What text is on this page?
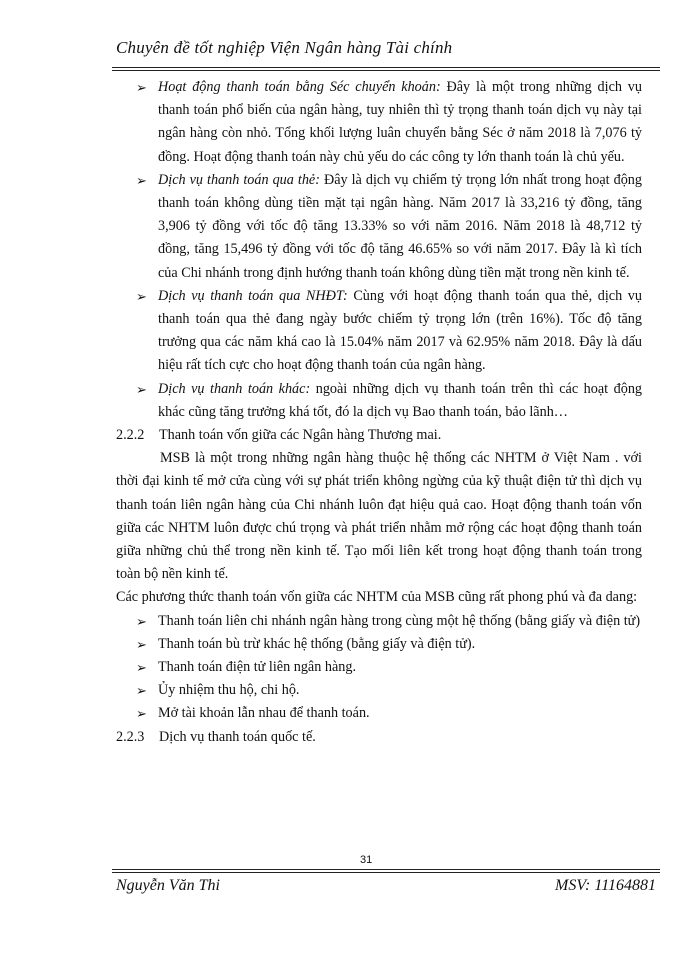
Chuyên đề tốt nghiệp Viện Ngân hàng Tài chính
➢ Hoạt động thanh toán bằng Séc chuyển khoản: Đây là một trong những dịch vụ thanh toán phổ biến của ngân hàng, tuy nhiên thì tỷ trọng thanh toán dịch vụ này tại ngân hàng còn nhỏ. Tổng khối lượng luân chuyển bằng Séc ở năm 2018 là 7,076 tỷ đồng. Hoạt động thanh toán này chủ yếu do các công ty lớn thanh toán là chủ yếu.
➢ Dịch vụ thanh toán qua thẻ: Đây là dịch vụ chiếm tỷ trọng lớn nhất trong hoạt động thanh toán không dùng tiền mặt tại ngân hàng. Năm 2017 là 33,216 tỷ đồng, tăng 3,906 tỷ đồng với tốc độ tăng 13.33% so với năm 2016. Năm 2018 là 48,712 tỷ đồng, tăng 15,496 tỷ đồng với tốc độ tăng 46.65% so với năm 2017. Đây là kì tích của Chi nhánh trong định hướng thanh toán không dùng tiền mặt trong nền kinh tế.
➢ Dịch vụ thanh toán qua NHĐT: Cùng với hoạt động thanh toán qua thẻ, dịch vụ thanh toán qua thẻ đang ngày bước chiếm tỷ trọng lớn (trên 16%). Tốc độ tăng trưởng qua các năm khá cao là 15.04% năm 2017 và 62.95% năm 2018. Đây là dấu hiệu rất tích cực cho hoạt động thanh toán của ngân hàng.
➢ Dịch vụ thanh toán khác: ngoài những dịch vụ thanh toán trên thì các hoạt động khác cũng tăng trưởng khá tốt, đó la dịch vụ Bao thanh toán, bảo lãnh…
2.2.2 Thanh toán vốn giữa các Ngân hàng Thương mai.
MSB là một trong những ngân hàng thuộc hệ thống các NHTM ở Việt Nam . với thời đại kinh tế mở cửa cùng với sự phát triển không ngừng của kỹ thuật điện tử thì dịch vụ thanh toán liên ngân hàng của Chi nhánh luôn đạt hiệu quả cao. Hoạt động thanh toán vốn giữa các NHTM luôn được chú trọng và phát triển nhằm mở rộng các hoạt động thanh toán giữa những chủ thể trong nền kinh tế. Tạo mối liên kết trong hoạt động thanh toán trong toàn bộ nền kinh tế.
Các phương thức thanh toán vốn giữa các NHTM của MSB cũng rất phong phú và đa dang:
➢ Thanh toán liên chi nhánh ngân hàng trong cùng một hệ thống (bằng giấy và điện tử)
➢ Thanh toán bù trừ khác hệ thống (bằng giấy và điện tử).
➢ Thanh toán điện tử liên ngân hàng.
➢ Ủy nhiệm thu hộ, chi hộ.
➢ Mở tài khoản lẫn nhau để thanh toán.
2.2.3 Dịch vụ thanh toán quốc tế.
31
Nguyễn Văn Thi	MSV: 11164881
